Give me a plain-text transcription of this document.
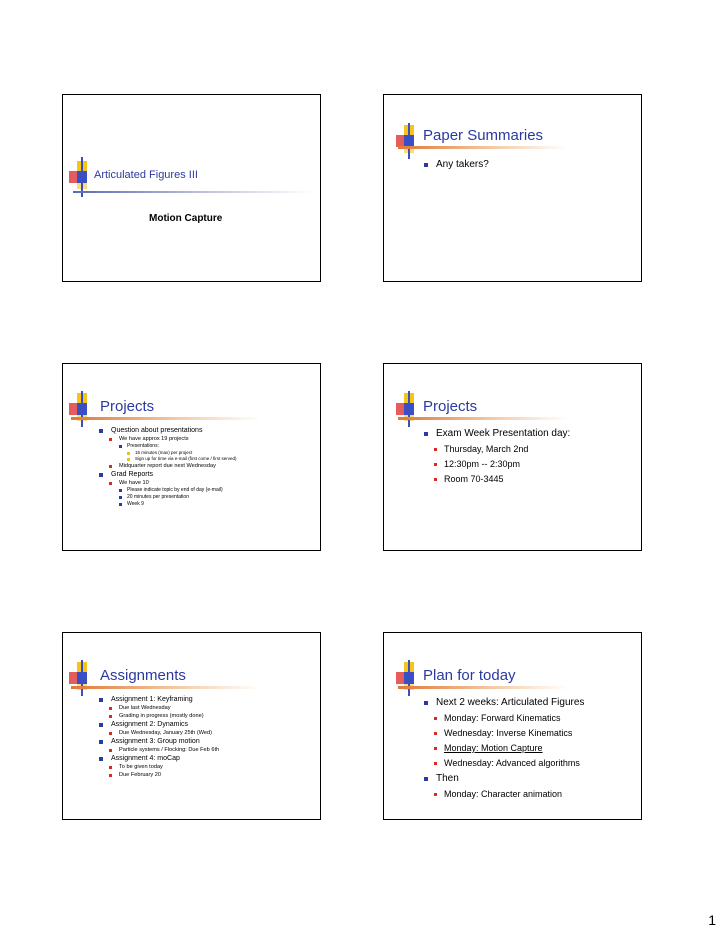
Articulated Figures III
Motion Capture
Paper Summaries
Any takers?
Projects
Question about presentations
We have approx 19 projects
Presentations:
15 minutes (max) per project
Sign up for time via e-mail (first come / first served)
Midquarter report due next Wednesday
Grad Reports
We have 10
Please indicate topic by end of day (e-mail)
20 minutes per presentation
Week 9
Projects
Exam Week Presentation day:
Thursday, March 2nd
12:30pm -- 2:30pm
Room 70-3445
Assignments
Assignment 1: Keyframing
Due last Wednesday
Grading in progress (mostly done)
Assignment 2: Dynamics
Due Wednesday, January 25th (Wed)
Assignment 3: Group motion
Particle systems / Flocking: Due Feb 6th
Assignment 4: moCap
To be given today
Due February 20
Plan for today
Next 2 weeks: Articulated Figures
Monday: Forward Kinematics
Wednesday: Inverse Kinematics
Monday: Motion Capture
Wednesday: Advanced algorithms
Then
Monday: Character animation
1
